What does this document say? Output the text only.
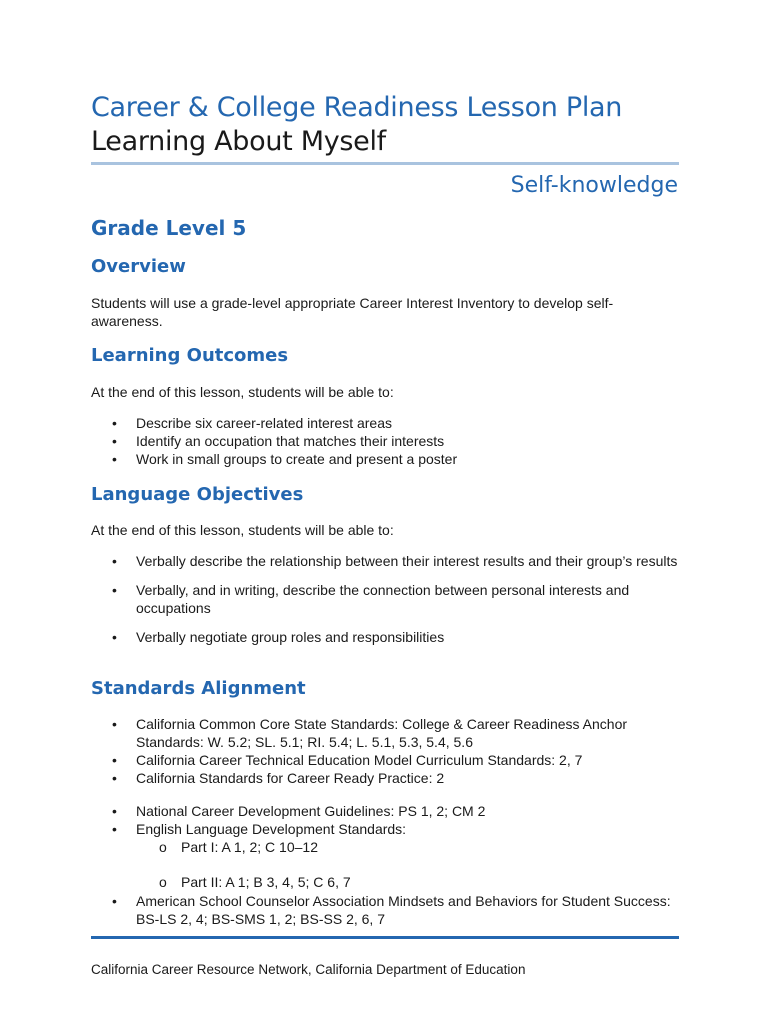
Career & College Readiness Lesson Plan
Learning About Myself
Self-knowledge
Grade Level 5
Overview

Students will use a grade-level appropriate Career Interest Inventory to develop self-awareness.

Learning Outcomes

At the end of this lesson, students will be able to:

• Describe six career-related interest areas
• Identify an occupation that matches their interests
• Work in small groups to create and present a poster
Language Objectives

At the end of this lesson, students will be able to:

• Verbally describe the relationship between their interest results and their group’s results
• Verbally, and in writing, describe the connection between personal interests and occupations
• Verbally negotiate group roles and responsibilities
Standards Alignment
• California Common Core State Standards: College & Career Readiness Anchor Standards: W. 5.2; SL. 5.1; RI. 5.4; L. 5.1, 5.3, 5.4, 5.6
• California Career Technical Education Model Curriculum Standards: 2, 7
• California Standards for Career Ready Practice: 2
• National Career Development Guidelines: PS 1, 2; CM 2
• English Language Development Standards:
o Part I: A 1, 2; C 10–12
o Part II: A 1; B 3, 4, 5; C 6, 7
• American School Counselor Association Mindsets and Behaviors for Student Success: BS-LS 2, 4; BS-SMS 1, 2; BS-SS 2, 6, 7
California Career Resource Network, California Department of Education
